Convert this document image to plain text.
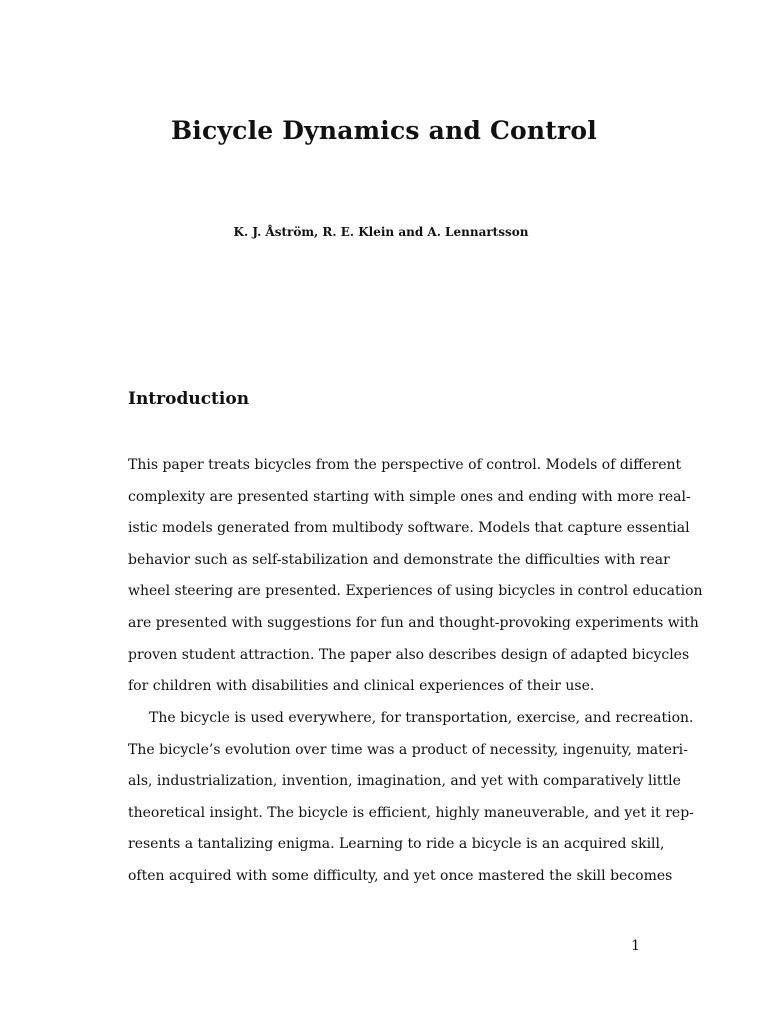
Bicycle Dynamics and Control
K. J. Åström, R. E. Klein and A. Lennartsson
Introduction
This paper treats bicycles from the perspective of control. Models of different
complexity are presented starting with simple ones and ending with more real-
istic models generated from multibody software. Models that capture essential
behavior such as self-stabilization and demonstrate the difficulties with rear
wheel steering are presented. Experiences of using bicycles in control education
are presented with suggestions for fun and thought-provoking experiments with
proven student attraction. The paper also describes design of adapted bicycles
for children with disabilities and clinical experiences of their use.
The bicycle is used everywhere, for transportation, exercise, and recreation.
The bicycle’s evolution over time was a product of necessity, ingenuity, materi-
als, industrialization, invention, imagination, and yet with comparatively little
theoretical insight. The bicycle is efficient, highly maneuverable, and yet it rep-
resents a tantalizing enigma. Learning to ride a bicycle is an acquired skill,
often acquired with some difficulty, and yet once mastered the skill becomes
1
